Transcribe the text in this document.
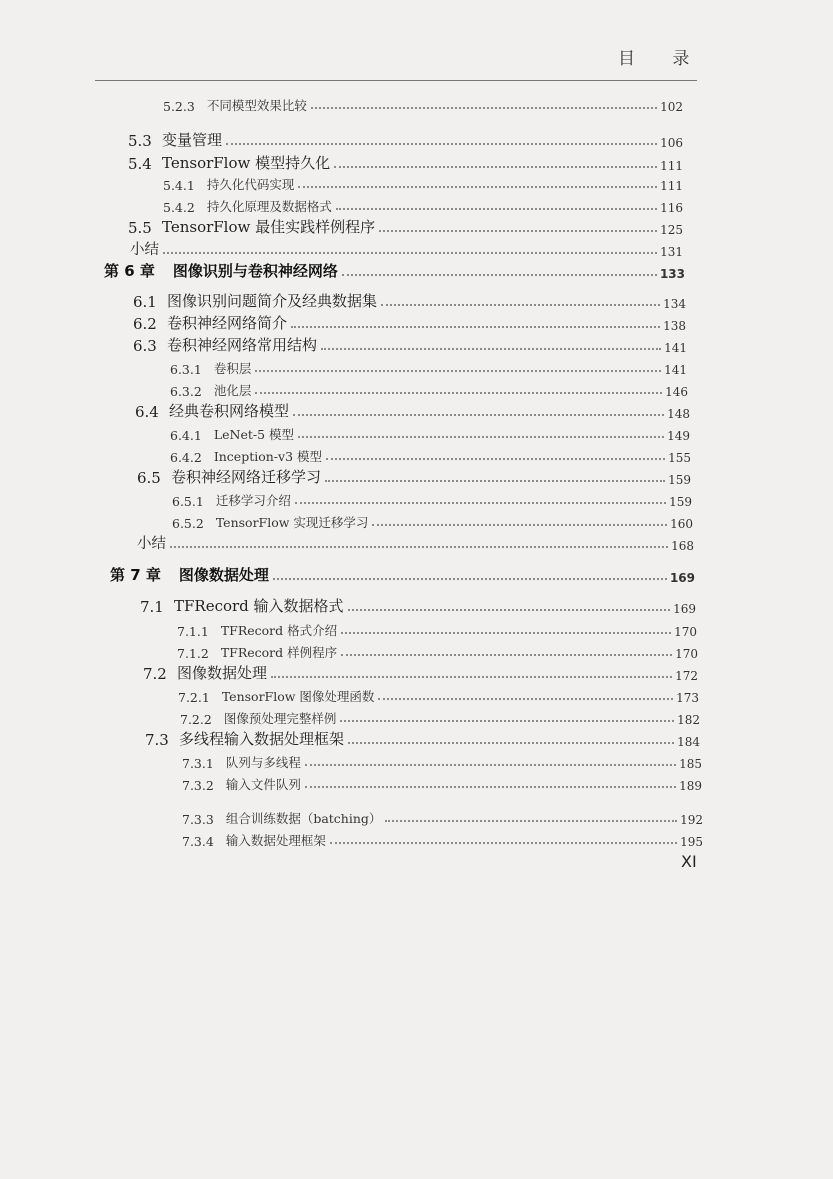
目 录
5.2.3 不同模型效果比较	102
5.3 变量管理	106
5.4 TensorFlow 模型持久化	111
5.4.1 持久化代码实现	111
5.4.2 持久化原理及数据格式	116
5.5 TensorFlow 最佳实践样例程序	125
小结	131
第 6 章 图像识别与卷积神经网络	133
6.1 图像识别问题简介及经典数据集	134
6.2 卷积神经网络简介	138
6.3 卷积神经网络常用结构	141
6.3.1 卷积层	141
6.3.2 池化层	146
6.4 经典卷积网络模型	148
6.4.1 LeNet-5 模型	149
6.4.2 Inception-v3 模型	155
6.5 卷积神经网络迁移学习	159
6.5.1 迁移学习介绍	159
6.5.2 TensorFlow 实现迁移学习	160
小结	168
第 7 章 图像数据处理	169
7.1 TFRecord 输入数据格式	169
7.1.1 TFRecord 格式介绍	170
7.1.2 TFRecord 样例程序	170
7.2 图像数据处理	172
7.2.1 TensorFlow 图像处理函数	173
7.2.2 图像预处理完整样例	182
7.3 多线程输入数据处理框架	184
7.3.1 队列与多线程	185
7.3.2 输入文件队列	189
7.3.3 组合训练数据（batching）	192
7.3.4 输入数据处理框架	195
XI
